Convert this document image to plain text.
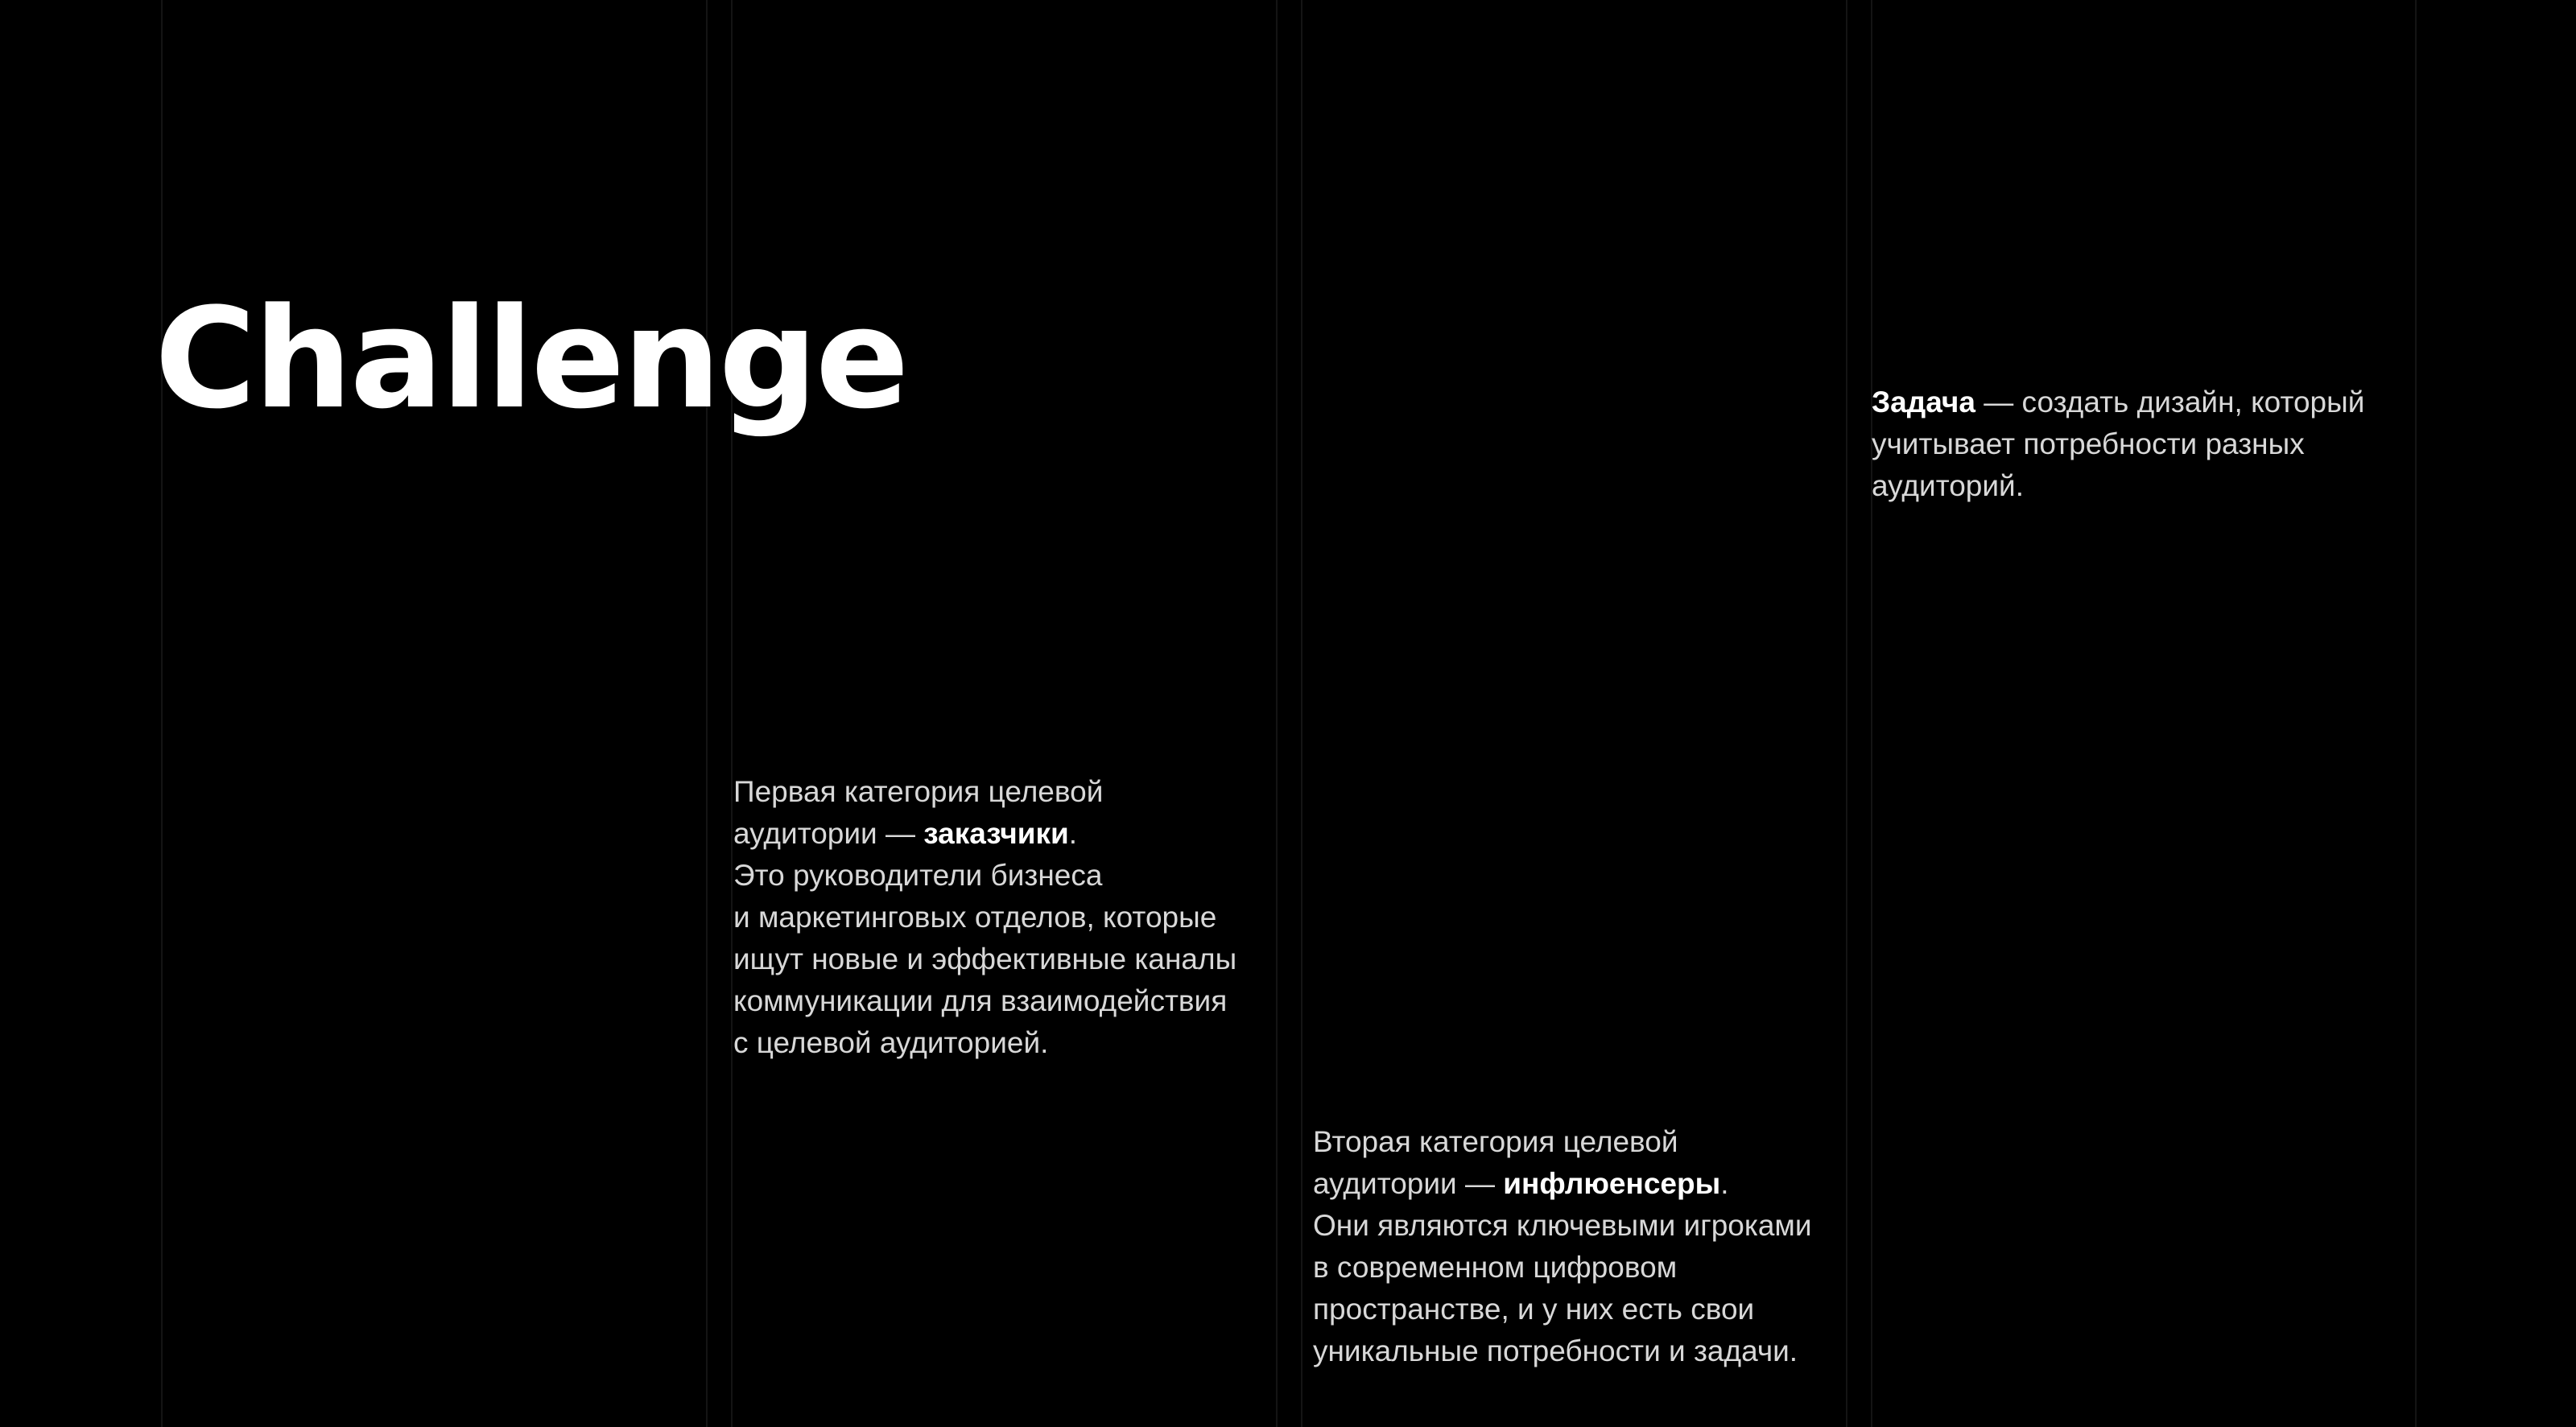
Challenge

Первая категория целевой

аудитории — заказчики.

Это руководители бизнеса

и маркетинговых отделов, которые

ищут новые и эффективные каналы

коммуникации для взаимодействия

с целевой аудиторией.

Вторая категория целевой

аудитории — инфлюенсеры.

Они являются ключевыми игроками

в современном цифровом

пространстве, и у них есть свои

уникальные потребности и задачи.

Задача — создать дизайн, который

учитывает потребности разных

аудиторий.
